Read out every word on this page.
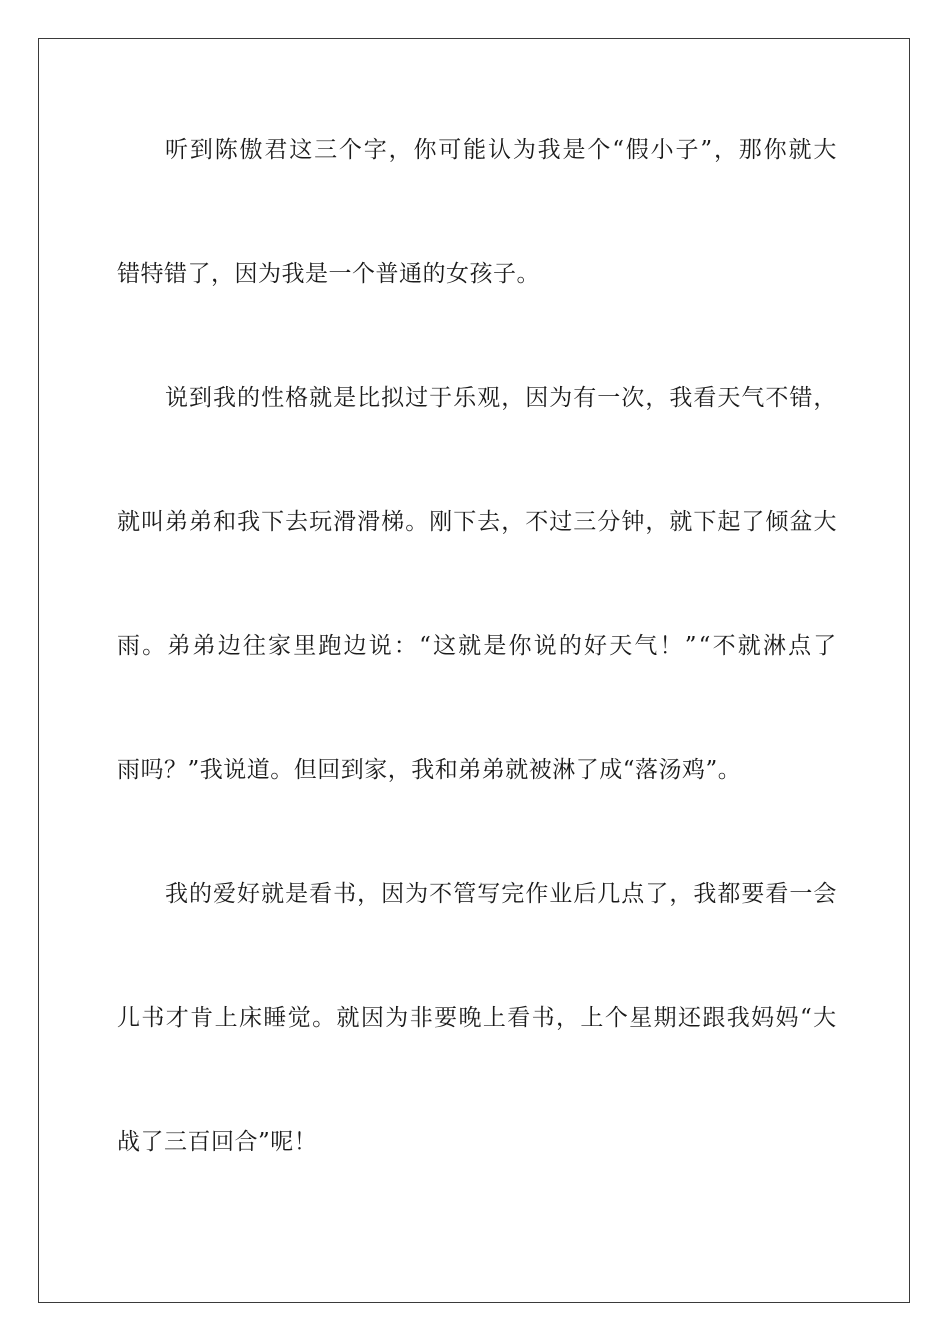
听 到 陈 傲 君 这 三 个 字 ， 你 可 能 认 为 我 是 个 “ 假 小 子 ” ， 那 你 就 大
错特错了，因为我是一个普通的女孩子。
说 到 我 的 性 格 就 是 比 拟 过 于 乐 观 ， 因 为 有 一 次 ， 我 看 天 气 不 错 ，
就 叫 弟 弟 和 我 下 去 玩 滑 滑 梯 。 刚 下 去 ， 不 过 三 分 钟 ， 就 下 起 了 倾 盆 大
雨 。 弟 弟 边 往 家 里 跑 边 说 ： “ 这 就 是 你 说 的 好 天 气 ！ ” “ 不 就 淋 点 了
雨吗？”我说道。但回到家，我和弟弟就被淋了成“落汤鸡”。
我 的 爱 好 就 是 看 书 ， 因 为 不 管 写 完 作 业 后 几 点 了 ， 我 都 要 看 一 会
儿 书 才 肯 上 床 睡 觉 。 就 因 为 非 要 晚 上 看 书 ， 上 个 星 期 还 跟 我 妈 妈 “ 大
战了三百回合”呢！
